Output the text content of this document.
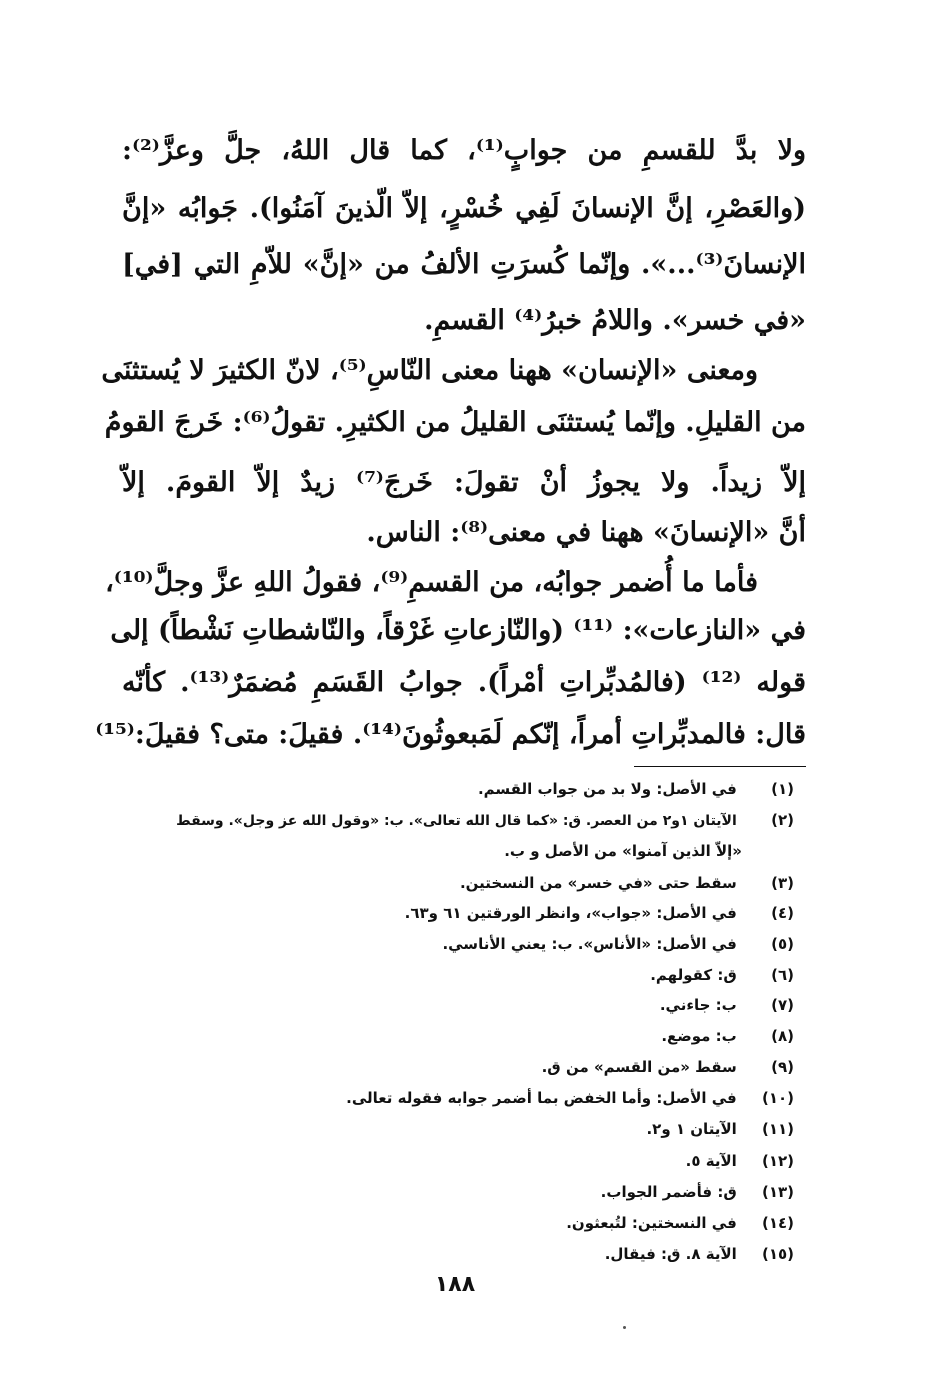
ولا بدَّ للقسمِ من جوابٍ⁽¹⁾، كما قال اللهُ، جلَّ وعزَّ⁽²⁾:
(والعَصْرِ، إنَّ الإنسانَ لَفِي خُسْرٍ، إلاّ الّذينَ آمَنُوا). جَوابُه «إنَّ
الإنسانَ⁽³⁾...». وإنّما كُسرَتِ الألفُ من «إنَّ» للاّمِ التي [في]
«في خسر». واللامُ خبرُ⁽⁴⁾ القسمِ.
ومعنى «الإنسان» ههنا معنى النّاسِ⁽⁵⁾، لانّ الكثيرَ لا يُستثنَى
من القليلِ. وإنّما يُستثنَى القليلُ من الكثيرِ. تقولُ⁽⁶⁾: خَرجَ القومُ
إلاّ زيداً. ولا يجوزُ أنْ تقولَ: خَرجَ⁽⁷⁾ زيدٌ إلاّ القومَ. إلاّ
أنَّ «الإنسانَ» ههنا في معنى⁽⁸⁾: الناس.
فأما ما أُضمر جوابُه، من القسمِ⁽⁹⁾، فقولُ اللهِ عزَّ وجلَّ⁽¹⁰⁾،
في «النازعات»: ⁽¹¹⁾ (والنّازعاتِ غَرْقاً، والنّاشطاتِ نَشْطاً) إلى
قوله ⁽¹²⁾ (فالمُدبِّراتِ أمْراً). جوابُ القَسَمِ مُضمَرٌ⁽¹³⁾. كأنّه
قال: فالمدبِّراتِ أمراً، إنّكم لَمَبعوثُونَ⁽¹⁴⁾. فقيلَ: متى؟ فقيلَ:⁽¹⁵⁾
(١) في الأصل: ولا بد من جواب القسم.
(٢) الآيتان ١و٢ من العصر. ق: «كما قال الله تعالى». ب: «وقول الله عز وجل». وسقط
«إلاّ الذين آمنوا» من الأصل و ب.
(٣) سقط حتى «في خسر» من النسختين.
(٤) في الأصل: «جواب»، وانظر الورقتين ٦١ و٦٣.
(٥) في الأصل: «الأناس». ب: يعني الأناسي.
(٦) ق: كقولهم.
(٧) ب: جاءني.
(٨) ب: موضع.
(٩) سقط «من القسم» من ق.
(١٠) في الأصل: وأما الخفض بما أضمر جوابه فقوله تعالى.
(١١) الآيتان ١ و٢.
(١٢) الآية ٥.
(١٣) ق: فأضمر الجواب.
(١٤) في النسختين: لتُبعثون.
(١٥) الآية ٨. ق: فيقال.
١٨٨
